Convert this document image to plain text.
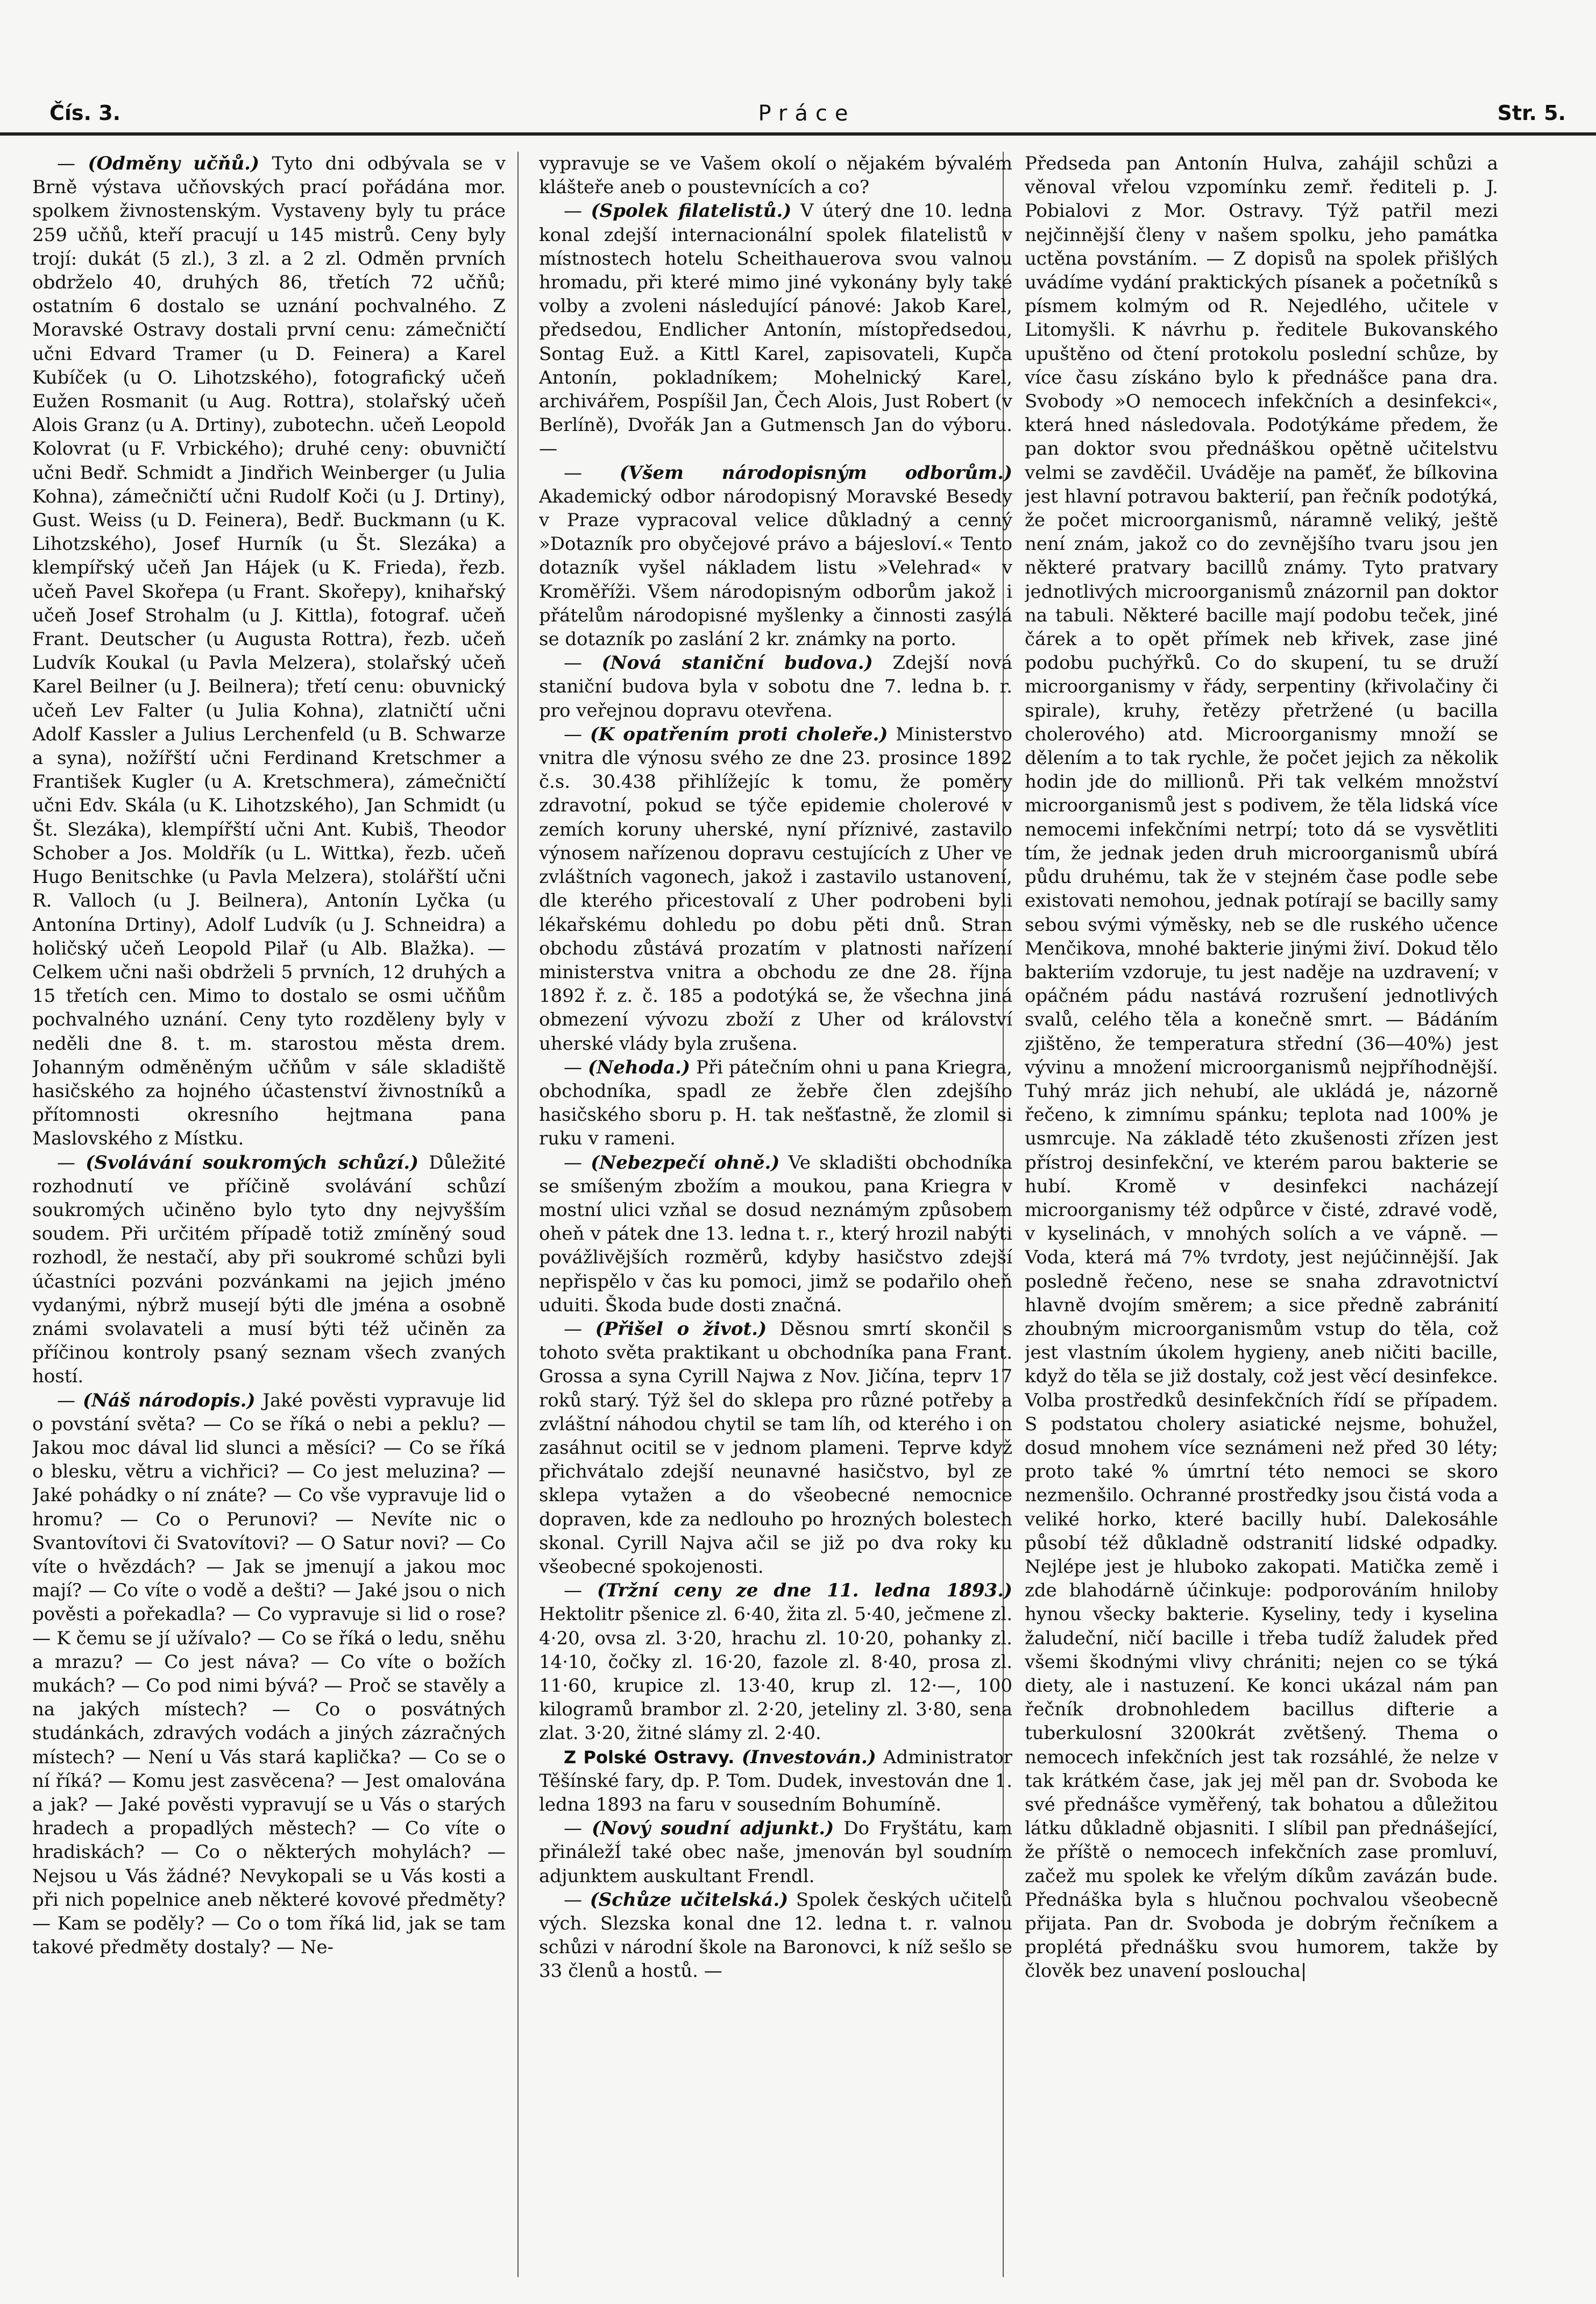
Čís. 3.	Práce	Str. 5.

— (Odměny učňů.) Tyto dni odbývala se v Brně výstava učňovských prací pořádána mor. spolkem živnostenským. Vystaveny byly tu práce 259 učňů, kteří pracují u 145 mistrů. Ceny byly trojí: dukát (5 zl.), 3 zl. a 2 zl. Odměn prvních obdrželo 40, druhých 86, třetích 72 učňů; ostatním 6 dostalo se uznání pochvalného. Z Moravské Ostravy dostali první cenu: zámečničtí učni Edvard Tramer (u D. Feinera) a Karel Kubíček (u O. Lihotzského), fotografický učeň Eužen Rosmanit (u Aug. Rottra), stolařský učeň Alois Granz (u A. Drtiny), zubotechn. učeň Leopold Kolovrat (u F. Vrbického); druhé ceny: obuvničtí učni Bedř. Schmidt a Jindřich Weinberger (u Julia Kohna), zámečničtí učni Rudolf Koči (u J. Drtiny), Gust. Weiss (u D. Feinera), Bedř. Buckmann (u K. Lihotzského), Josef Hurník (u Št. Slezáka) a klempířský učeň Jan Hájek (u K. Frieda), řezb. učeň Pavel Skořepa (u Frant. Skořepy), knihařský učeň Josef Strohalm (u J. Kittla), fotograf. učeň Frant. Deutscher (u Augusta Rottra), řezb. učeň Ludvík Koukal (u Pavla Melzera), stolařský učeň Karel Beilner (u J. Beilnera); třetí cenu: obuvnický učeň Lev Falter (u Julia Kohna), zlatničtí učni Adolf Kassler a Julius Lerchenfeld (u B. Schwarze a syna), nožířští učni Ferdinand Kretschmer a František Kugler (u A. Kretschmera), zámečničtí učni Edv. Skála (u K. Lihotzského), Jan Schmidt (u Št. Slezáka), klempířští učni Ant. Kubiš, Theodor Schober a Jos. Moldřík (u L. Wittka), řezb. učeň Hugo Benitschke (u Pavla Melzera), stolářští učni R. Valloch (u J. Beilnera), Antonín Lyčka (u Antonína Drtiny), Adolf Ludvík (u J. Schneidra) a holičský učeň Leopold Pilař (u Alb. Blažka). — Celkem učni naši obdrželi 5 prvních, 12 druhých a 15 třetích cen. Mimo to dostalo se osmi učňům pochvalného uznání. Ceny tyto rozděleny byly v neděli dne 8. t. m. starostou města drem. Johanným odměněným učňům v sále skladiště hasičského za hojného účastenství živnostníků a přítomnosti okresního hejtmana pana Maslovského z Místku.

— (Svolávání soukromých schůzí.) Důležité rozhodnutí ve příčině svolávání schůzí soukromých učiněno bylo tyto dny nejvyšším soudem. Při určitém případě totiž zmíněný soud rozhodl, že nestačí, aby při soukromé schůzi byli účastníci pozváni pozvánkami na jejich jméno vydanými, nýbrž musejí býti dle jména a osobně známi svolavateli a musí býti též učiněn za příčinou kontroly psaný seznam všech zvaných hostí.

— (Náš národopis.) Jaké pověsti vypravuje lid o povstání světa? — Co se říká o nebi a peklu? — Jakou moc dával lid slunci a měsíci? — Co se říká o blesku, větru a vichřici? — Co jest meluzina? — Jaké pohádky o ní znáte? — Co vše vypravuje lid o hromu? — Co o Perunovi? — Nevíte nic o Svantovítovi či Svatovítovi? — O Satur novi? — Co víte o hvězdách? — Jak se jmenují a jakou moc mají? — Co víte o vodě a dešti? — Jaké jsou o nich pověsti a pořekadla? — Co vypravuje si lid o rose? — K čemu se jí užívalo? — Co se říká o ledu, sněhu a mrazu? — Co jest náva? — Co víte o božích mukách? — Co pod nimi bývá? — Proč se stavěly a na jakých místech? — Co o posvátných studánkách, zdravých vodách a jiných zázračných místech? — Není u Vás stará kaplička? — Co se o ní říká? — Komu jest zasvěcena? — Jest omalována a jak? — Jaké pověsti vypravují se u Vás o starých hradech a propadlých městech? — Co víte o hradiskách? — Co o některých mohylách? — Nejsou u Vás žádné? Nevykopali se u Vás kosti a při nich popelnice aneb některé kovové předměty? — Kam se poděly? — Co o tom říká lid, jak se tam takové předměty dostaly? — Ne-

vypravuje se ve Vašem okolí o nějakém bývalém klášteře aneb o poustevnících a co?

— (Spolek filatelistů.) V úterý dne 10. ledna konal zdejší internacionální spolek filatelistů v místnostech hotelu Scheithauerova svou valnou hromadu, při které mimo jiné vykonány byly také volby a zvoleni následující pánové: Jakob Karel, předsedou, Endlicher Antonín, místopředsedou, Sontag Euž. a Kittl Karel, zapisovateli, Kupča Antonín, pokladníkem; Mohelnický Karel, archivářem, Pospíšil Jan, Čech Alois, Just Robert (v Berlíně), Dvořák Jan a Gutmensch Jan do výboru. —

— (Všem národopisným odborům.) Akademický odbor národopisný Moravské Besedy v Praze vypracoval velice důkladný a cenný »Dotazník pro obyčejové právo a bájesloví.« Tento dotazník vyšel nákladem listu »Velehrad« v Kroměříži. Všem národopisným odborům jakož i přátelům národopisné myšlenky a činnosti zasýlá se dotazník po zaslání 2 kr. známky na porto.

— (Nová staniční budova.) Zdejší nová staniční budova byla v sobotu dne 7. ledna b. r. pro veřejnou dopravu otevřena.

— (K opatřením proti choleře.) Ministerstvo vnitra dle výnosu svého ze dne 23. prosince 1892 č.s. 30.438 přihlížejíc k tomu, že poměry zdravotní, pokud se týče epidemie cholerové v zemích koruny uherské, nyní příznivé, zastavilo výnosem nařízenou dopravu cestujících z Uher ve zvláštních vagonech, jakož i zastavilo ustanovení, dle kterého přicestovalí z Uher podrobeni byli lékařskému dohledu po dobu pěti dnů. Stran obchodu zůstává prozatím v platnosti nařízení ministerstva vnitra a obchodu ze dne 28. října 1892 ř. z. č. 185 a podotýká se, že všechna jiná obmezení vývozu zboží z Uher od království uherské vlády byla zrušena.

— (Nehoda.) Při pátečním ohni u pana Kriegra, obchodníka, spadl ze žebře člen zdejšího hasičského sboru p. H. tak nešťastně, že zlomil si ruku v rameni.

— (Nebezpečí ohně.) Ve skladišti obchodníka se smíšeným zbožím a moukou, pana Kriegra v mostní ulici vzňal se dosud neznámým způsobem oheň v pátek dne 13. ledna t. r., který hrozil nabýti povážlivějších rozměrů, kdyby hasičstvo zdejší nepřispělo v čas ku pomoci, jimž se podařilo oheň uduiti. Škoda bude dosti značná.

— (Přišel o život.) Děsnou smrtí skončil s tohoto světa praktikant u obchodníka pana Frant. Grossa a syna Cyrill Najwa z Nov. Jičína, teprv 17 roků starý. Týž šel do sklepa pro různé potřeby a zvláštní náhodou chytil se tam líh, od kterého i on zasáhnut ocitil se v jednom plameni. Teprve když přichvátalo zdejší neunavné hasičstvo, byl ze sklepa vytažen a do všeobecné nemocnice dopraven, kde za nedlouho po hrozných bolestech skonal. Cyrill Najva ačil se již po dva roky ku všeobecné spokojenosti.

— (Tržní ceny ze dne 11. ledna 1893.) Hektolitr pšenice zl. 6·40, žita zl. 5·40, ječmene zl. 4·20, ovsa zl. 3·20, hrachu zl. 10·20, pohanky zl. 14·10, čočky zl. 16·20, fazole zl. 8·40, prosa zl. 11·60, krupice zl. 13·40, krup zl. 12·—, 100 kilogramů brambor zl. 2·20, jeteliny zl. 3·80, sena zlat. 3·20, žitné slámy zl. 2·40.

Z Polské Ostravy. (Investován.) Administrator Těšínské fary, dp. P. Tom. Dudek, investován dne 1. ledna 1893 na faru v sousedním Bohumíně.

— (Nový soudní adjunkt.) Do Fryštátu, kam přináležÍ také obec naše, jmenován byl soudním adjunktem auskultant Frendl.

— (Schůze učitelská.) Spolek českých učitelů vých. Slezska konal dne 12. ledna t. r. valnou schůzi v národní škole na Baronovci, k níž sešlo se 33 členů a hostů. —

Předseda pan Antonín Hulva, zahájil schůzi a věnoval vřelou vzpomínku zemř. řediteli p. J. Pobialovi z Mor. Ostravy. Týž patřil mezi nejčinnější členy v našem spolku, jeho památka uctěna povstáním. — Z dopisů na spolek přišlých uvádíme vydání praktických písanek a početníků s písmem kolmým od R. Nejedlého, učitele v Litomyšli. K návrhu p. ředitele Bukovanského upuštěno od čtení protokolu poslední schůze, by více času získáno bylo k přednášce pana dra. Svobody »O nemocech infekčních a desinfekci«, která hned následovala. Podotýkáme předem, že pan doktor svou přednáškou opětně učitelstvu velmi se zavděčil. Uváděje na paměť, že bílkovina jest hlavní potravou bakterií, pan řečník podotýká, že počet microorganismů, náramně veliký, ještě není znám, jakož co do zevnějšího tvaru jsou jen některé pratvary bacillů známy. Tyto pratvary jednotlivých microorganismů znázornil pan doktor na tabuli. Některé bacille mají podobu teček, jiné čárek a to opět přímek neb křivek, zase jiné podobu puchýřků. Co do skupení, tu se druží microorganismy v řády, serpentiny (křivolačiny či spirale), kruhy, řetězy přetržené (u bacilla cholerového) atd. Microorganismy množí se dělením a to tak rychle, že počet jejich za několik hodin jde do millionů. Při tak velkém množství microorganismů jest s podivem, že těla lidská více nemocemi infekčními netrpí; toto dá se vysvětliti tím, že jednak jeden druh microorganismů ubírá půdu druhému, tak že v stejném čase podle sebe existovati nemohou, jednak potírají se bacilly samy sebou svými výměsky, neb se dle ruského učence Menčikova, mnohé bakterie jinými živí. Dokud tělo bakteriím vzdoruje, tu jest naděje na uzdravení; v opáčném pádu nastává rozrušení jednotlivých svalů, celého těla a konečně smrt. — Bádáním zjištěno, že temperatura střední (36—40%) jest vývinu a množení microorganismů nejpříhodnější. Tuhý mráz jich nehubí, ale ukládá je, názorně řečeno, k zimnímu spánku; teplota nad 100% je usmrcuje. Na základě této zkušenosti zřízen jest přístroj desinfekční, ve kterém parou bakterie se hubí. Kromě v desinfekci nacházejí microorganismy též odpůrce v čisté, zdravé vodě, v kyselinách, v mnohých solích a ve vápně. — Voda, která má 7% tvrdoty, jest nejúčinnější. Jak posledně řečeno, nese se snaha zdravotnictví hlavně dvojím směrem; a sice předně zabránití zhoubným microorganismům vstup do těla, což jest vlastním úkolem hygieny, aneb ničiti bacille, když do těla se již dostaly, což jest věcí desinfekce. Volba prostředků desinfekčních řídí se případem. S podstatou cholery asiatické nejsme, bohužel, dosud mnohem více seznámeni než před 30 léty; proto také % úmrtní této nemoci se skoro nezmenšilo. Ochranné prostředky jsou čistá voda a veliké horko, které bacilly hubí. Dalekosáhle působí též důkladně odstranití lidské odpadky. Nejlépe jest je hluboko zakopati. Matička země i zde blahodárně účinkuje: podporováním hniloby hynou všecky bakterie. Kyseliny, tedy i kyselina žaludeční, ničí bacille i třeba tudíž žaludek před všemi škodnými vlivy chrániti; nejen co se týká diety, ale i nastuzení. Ke konci ukázal nám pan řečník drobnohledem bacillus difterie a tuberkulosní 3200krát zvětšený. Thema o nemocech infekčních jest tak rozsáhlé, že nelze v tak krátkém čase, jak jej měl pan dr. Svoboda ke své přednášce vyměřený, tak bohatou a důležitou látku důkladně objasniti. I slíbil pan přednášející, že příště o nemocech infekčních zase promluví, začež mu spolek ke vřelým díkům zavázán bude. Přednáška byla s hlučnou pochvalou všeobecně přijata. Pan dr. Svoboda je dobrým řečníkem a proplétá přednášku svou humorem, takže by člověk bez unavení posloucha|
